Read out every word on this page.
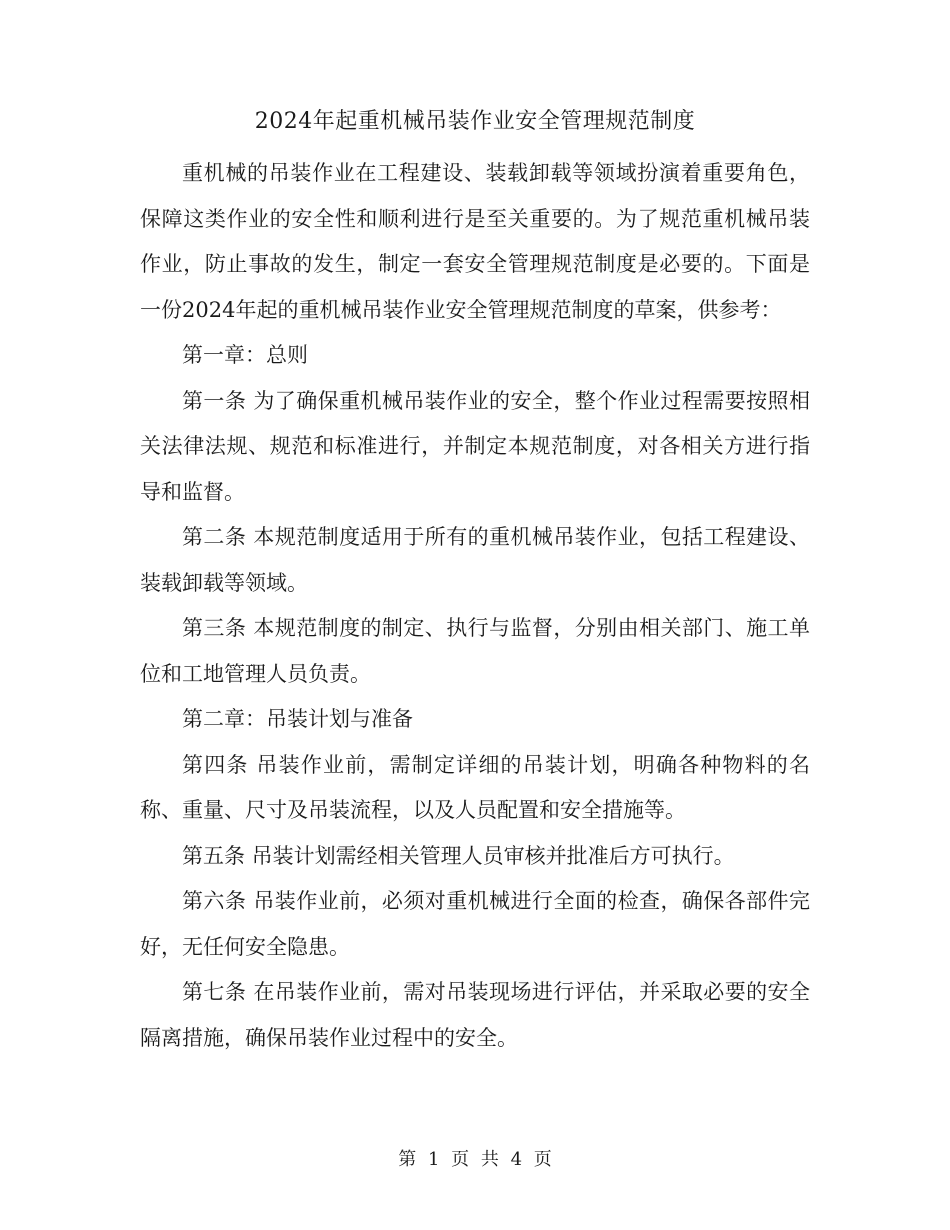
2024年起重机械吊装作业安全管理规范制度

重机械的吊装作业在工程建设、装载卸载等领域扮演着重要角色，保障这类作业的安全性和顺利进行是至关重要的。为了规范重机械吊装作业，防止事故的发生，制定一套安全管理规范制度是必要的。下面是一份2024年起的重机械吊装作业安全管理规范制度的草案，供参考：

第一章：总则

第一条 为了确保重机械吊装作业的安全，整个作业过程需要按照相关法律法规、规范和标准进行，并制定本规范制度，对各相关方进行指导和监督。

第二条 本规范制度适用于所有的重机械吊装作业，包括工程建设、装载卸载等领域。

第三条 本规范制度的制定、执行与监督，分别由相关部门、施工单位和工地管理人员负责。

第二章：吊装计划与准备

第四条 吊装作业前，需制定详细的吊装计划，明确各种物料的名称、重量、尺寸及吊装流程，以及人员配置和安全措施等。

第五条 吊装计划需经相关管理人员审核并批准后方可执行。

第六条 吊装作业前，必须对重机械进行全面的检查，确保各部件完好，无任何安全隐患。

第七条 在吊装作业前，需对吊装现场进行评估，并采取必要的安全隔离措施，确保吊装作业过程中的安全。

第 1 页 共 4 页
